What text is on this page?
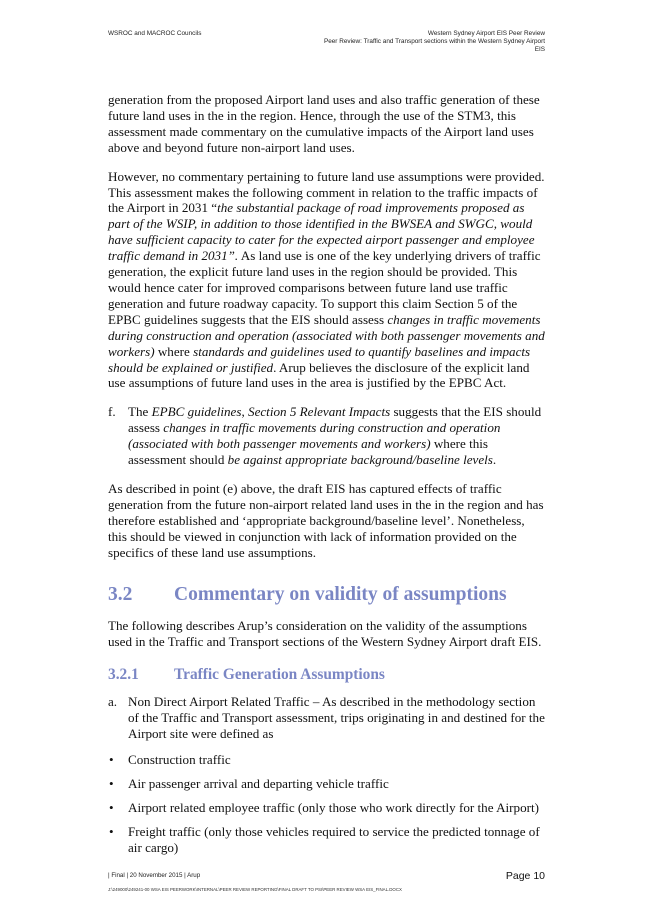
WSROC and MACROC Councils	Western Sydney Airport EIS Peer Review
Peer Review: Traffic and Transport sections within the Western Sydney Airport
EIS

generation from the proposed Airport land uses and also traffic generation of these future land uses in the in the region. Hence, through the use of the STM3, this assessment made commentary on the cumulative impacts of the Airport land uses above and beyond future non-airport land uses.

However, no commentary pertaining to future land use assumptions were provided. This assessment makes the following comment in relation to the traffic impacts of the Airport in 2031 “the substantial package of road improvements proposed as part of the WSIP, in addition to those identified in the BWSEA and SWGC, would have sufficient capacity to cater for the expected airport passenger and employee traffic demand in 2031”. As land use is one of the key underlying drivers of traffic generation, the explicit future land uses in the region should be provided. This would hence cater for improved comparisons between future land use traffic generation and future roadway capacity. To support this claim Section 5 of the EPBC guidelines suggests that the EIS should assess changes in traffic movements during construction and operation (associated with both passenger movements and workers) where standards and guidelines used to quantify baselines and impacts should be explained or justified. Arup believes the disclosure of the explicit land use assumptions of future land uses in the area is justified by the EPBC Act.

f. The EPBC guidelines, Section 5 Relevant Impacts suggests that the EIS should assess changes in traffic movements during construction and operation (associated with both passenger movements and workers) where this assessment should be against appropriate background/baseline levels.

As described in point (e) above, the draft EIS has captured effects of traffic generation from the future non-airport related land uses in the in the region and has therefore established and ‘appropriate background/baseline level’. Nonetheless, this should be viewed in conjunction with lack of information provided on the specifics of these land use assumptions.

3.2 Commentary on validity of assumptions

The following describes Arup’s consideration on the validity of the assumptions used in the Traffic and Transport sections of the Western Sydney Airport draft EIS.

3.2.1 Traffic Generation Assumptions
a. Non Direct Airport Related Traffic – As described in the methodology section of the Traffic and Transport assessment, trips originating in and destined for the Airport site were defined as
• Construction traffic
• Air passenger arrival and departing vehicle traffic
• Airport related employee traffic (only those who work directly for the Airport)
• Freight traffic (only those vehicles required to service the predicted tonnage of air cargo)
| Final | 20 November 2015 | Arup
J:\249000\249241-00 WSA EIS PEERWORK\INTERNAL\PEER REVIEW REPORTING\FINAL DRAFT TO PSI\PEER REVIEW WSA EIS_FINAL.DOCX
Page 10
